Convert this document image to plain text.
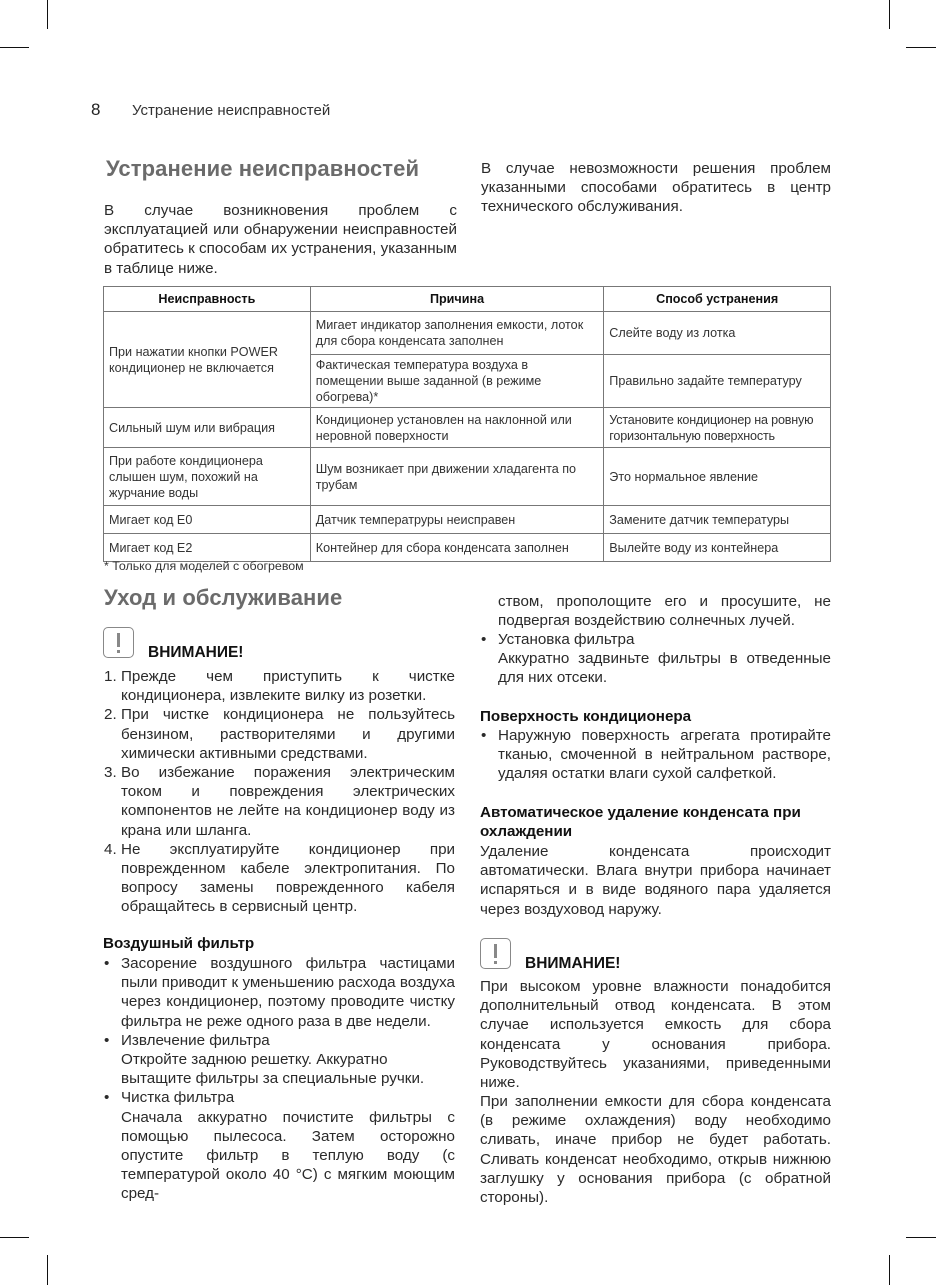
8 Устранение неисправностей
Устранение неисправностей

В случае возникновения проблем с эксплуатацией или обнаружении неисправностей обратитесь к способам их устранения, указанным в таблице ниже.

В случае невозможности решения проблем указанными способами обратитесь в центр технического обслуживания.

Неисправность	Причина	Способ устранения
При нажатии кнопки POWER кондиционер не включается	Мигает индикатор заполнения емкости, лоток для сбора конденсата заполнен	Слейте воду из лотка
	Фактическая температура воздуха в помещении выше заданной (в режиме обогрева)*	Правильно задайте температуру
Сильный шум или вибрация	Кондиционер установлен на наклонной или неровной поверхности	Установите кондиционер на ровную горизонтальную поверхность
При работе кондиционера слышен шум, похожий на журчание воды	Шум возникает при движении хладагента по трубам	Это нормальное явление
Мигает код E0	Датчик температруры неисправен	Замените датчик температуры
Мигает код E2	Контейнер для сбора конденсата заполнен	Вылейте воду из контейнера
* Только для моделей с обогревом
Уход и обслуживание
ВНИМАНИЕ!
1. Прежде чем приступить к чистке кондиционера, извлеките вилку из розетки.
2. При чистке кондиционера не пользуйтесь бензином, растворителями и другими химически активными средствами.
3. Во избежание поражения электрическим током и повреждения электрических компонентов не лейте на кондиционер воду из крана или шланга.
4. Не эксплуатируйте кондиционер при поврежденном кабеле электропитания. По вопросу замены поврежденного кабеля обращайтесь в сервисный центр.
Воздушный фильтр
• Засорение воздушного фильтра частицами пыли приводит к уменьшению расхода воздуха через кондиционер, поэтому проводите чистку фильтра не реже одного раза в две недели.
• Извлечение фильтра
Откройте заднюю решетку. Аккуратно вытащите фильтры за специальные ручки.
• Чистка фильтра
Сначала аккуратно почистите фильтры с помощью пылесоса. Затем осторожно опустите фильтр в теплую воду (с температурой около 40 °С) с мягким моющим сред-

ством, прополощите его и просушите, не подвергая воздействию солнечных лучей.

• Установка фильтра
Аккуратно задвиньте фильтры в отведенные для них отсеки.
Поверхность кондиционера
• Наружную поверхность агрегата протирайте тканью, смоченной в нейтральном растворе, удаляя остатки влаги сухой салфеткой.
Автоматическое удаление конденсата при охлаждении

Удаление конденсата происходит автоматически. Влага внутри прибора начинает испаряться и в виде водяного пара удаляется через воздуховод наружу.

ВНИМАНИЕ!

При высоком уровне влажности понадобится дополнительный отвод конденсата. В этом случае используется емкость для сбора конденсата у основания прибора. Руководствуйтесь указаниями, приведенными ниже.

При заполнении емкости для сбора конденсата (в режиме охлаждения) воду необходимо сливать, иначе прибор не будет работать. Сливать конденсат необходимо, открыв нижнюю заглушку у основания прибора (с обратной стороны).
